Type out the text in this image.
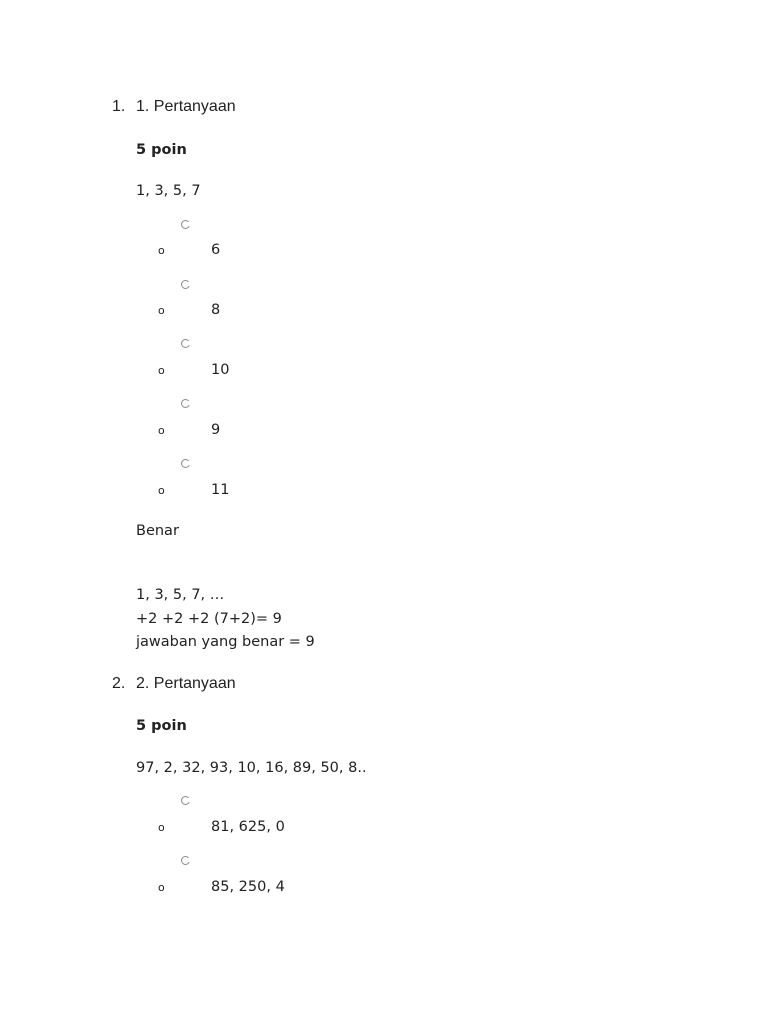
1. 1. Pertanyaan
5 poin
1, 3, 5, 7
o	6
o	8
o	10
o	9
o	11
Benar
1, 3, 5, 7, …
+2 +2 +2 (7+2)= 9
jawaban yang benar = 9
2. 2. Pertanyaan
5 poin
97, 2, 32, 93, 10, 16, 89, 50, 8..
o	81, 625, 0
o	85, 250, 4
